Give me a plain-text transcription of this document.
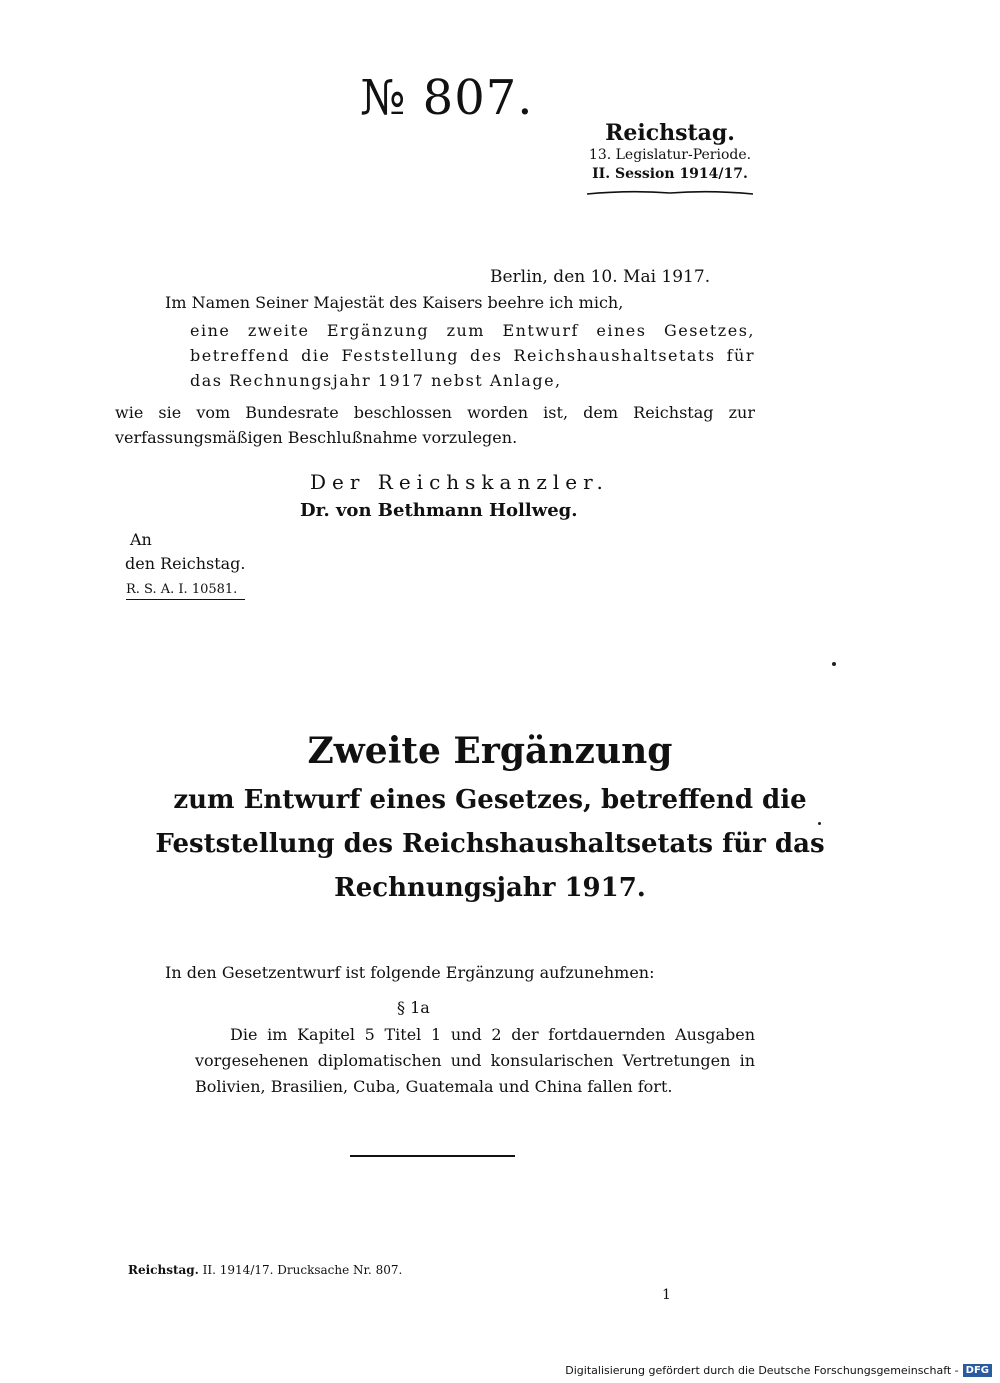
№ 807.
Reichstag.
13. Legislatur-Periode.
II. Session 1914/17.
Berlin, den 10. Mai 1917.
Im Namen Seiner Majestät des Kaisers beehre ich mich,
eine zweite Ergänzung zum Entwurf eines Gesetzes, betreffend die Feststellung des Reichshaushaltsetats für das Rechnungsjahr 1917 nebst Anlage,
wie sie vom Bundesrate beschlossen worden ist, dem Reichstag zur verfassungsmäßigen Beschlußnahme vorzulegen.
Der Reichskanzler.
Dr. von Bethmann Hollweg.
An
den Reichstag.
R. S. A. I. 10581.
Zweite Ergänzung
zum Entwurf eines Gesetzes, betreffend die
Feststellung des Reichshaushaltsetats für das
Rechnungsjahr 1917.
In den Gesetzentwurf ist folgende Ergänzung aufzunehmen:
§ 1a
Die im Kapitel 5 Titel 1 und 2 der fortdauernden Ausgaben vorgesehenen diplomatischen und konsularischen Vertretungen in Bolivien, Brasilien, Cuba, Guatemala und China fallen fort.
Reichstag. II. 1914/17. Drucksache Nr. 807.
1
Digitalisierung gefördert durch die Deutsche Forschungsgemeinschaft - DFG
